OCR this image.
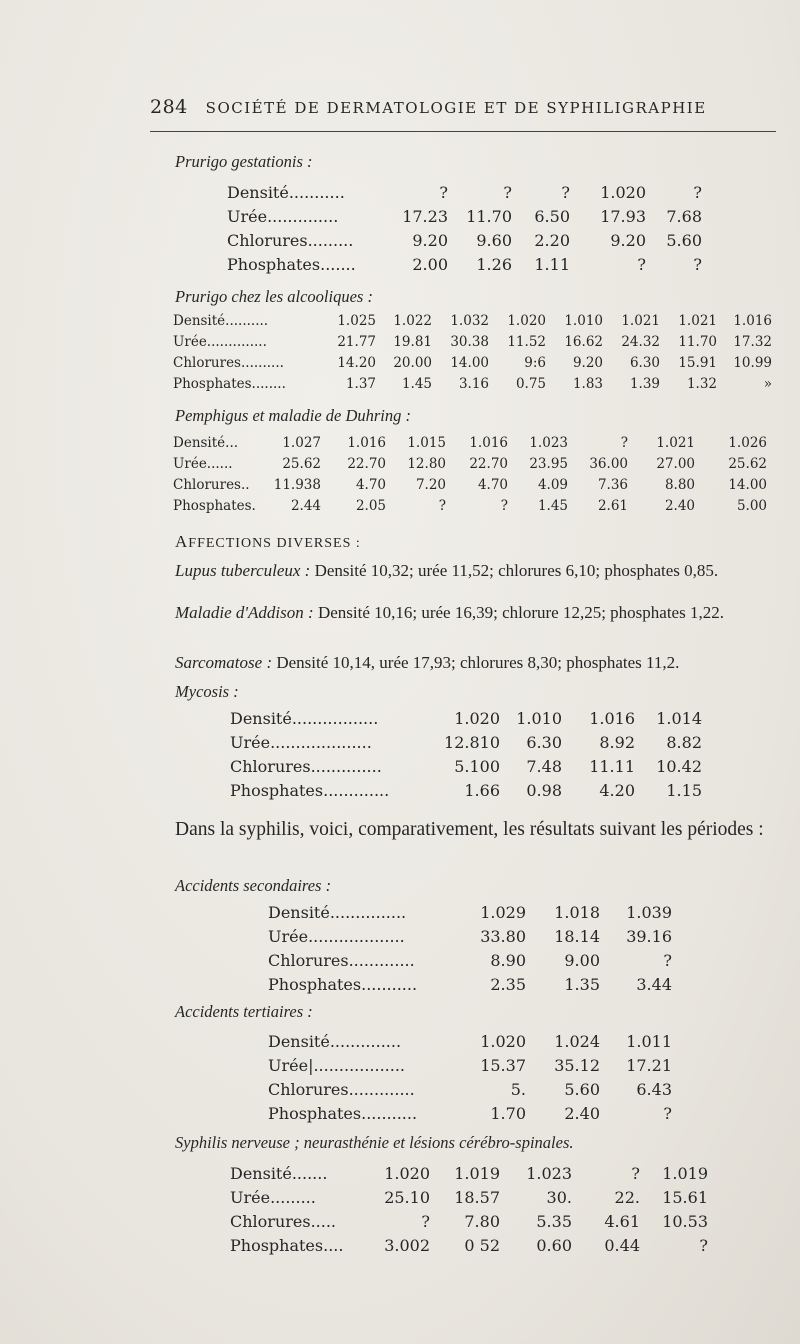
284 SOCIÉTÉ DE DERMATOLOGIE ET DE SYPHILIGRAPHIE
Prurigo gestationis :
Densité...........	?	?	?	1.020	?
Urée..............	17.23	11.70	6.50	17.93	7.68
Chlorures.........	9.20	9.60	2.20	9.20	5.60
Phosphates.......	2.00	1.26	1.11	?	?
Prurigo chez les alcooliques :
Densité..........	1.025	1.022	1.032	1.020	1.010	1.021	1.021	1.016
Urée..............	21.77	19.81	30.38	11.52	16.62	24.32	11.70	17.32
Chlorures..........	14.20	20.00	14.00	9:6	9.20	6.30	15.91	10.99
Phosphates........	1.37	1.45	3.16	0.75	1.83	1.39	1.32	»
Pemphigus et maladie de Duhring :
Densité...	1.027	1.016	1.015	1.016	1.023	?	1.021	1.026
Urée......	25.62	22.70	12.80	22.70	23.95	36.00	27.00	25.62
Chlorures..	11.938	4.70	7.20	4.70	4.09	7.36	8.80	14.00
Phosphates.	2.44	2.05	?	?	1.45	2.61	2.40	5.00
AFFECTIONS DIVERSES :
Lupus tuberculeux : Densité 10,32; urée 11,52; chlorures 6,10; phosphates 0,85.
Maladie d'Addison : Densité 10,16; urée 16,39; chlorure 12,25; phosphates 1,22.
Sarcomatose : Densité 10,14, urée 17,93; chlorures 8,30; phosphates 11,2.
Mycosis :
Densité.................	1.020	1.010	1.016	1.014
Urée....................	12.810	6.30	8.92	8.82
Chlorures..............	5.100	7.48	11.11	10.42
Phosphates.............	1.66	0.98	4.20	1.15
Dans la syphilis, voici, comparativement, les résultats suivant les périodes :
Accidents secondaires :
Densité...............	1.029	1.018	1.039
Urée...................	33.80	18.14	39.16
Chlorures.............	8.90	9.00	?
Phosphates...........	2.35	1.35	3.44
Accidents tertiaires :
Densité..............	1.020	1.024	1.011
Urée|..................	15.37	35.12	17.21
Chlorures.............	5.	5.60	6.43
Phosphates...........	1.70	2.40	?
Syphilis nerveuse ; neurasthénie et lésions cérébro-spinales.
Densité.......	1.020	1.019	1.023	?	1.019
Urée.........	25.10	18.57	30.	22.	15.61
Chlorures.....	?	7.80	5.35	4.61	10.53
Phosphates....	3.002	0 52	0.60	0.44	?
